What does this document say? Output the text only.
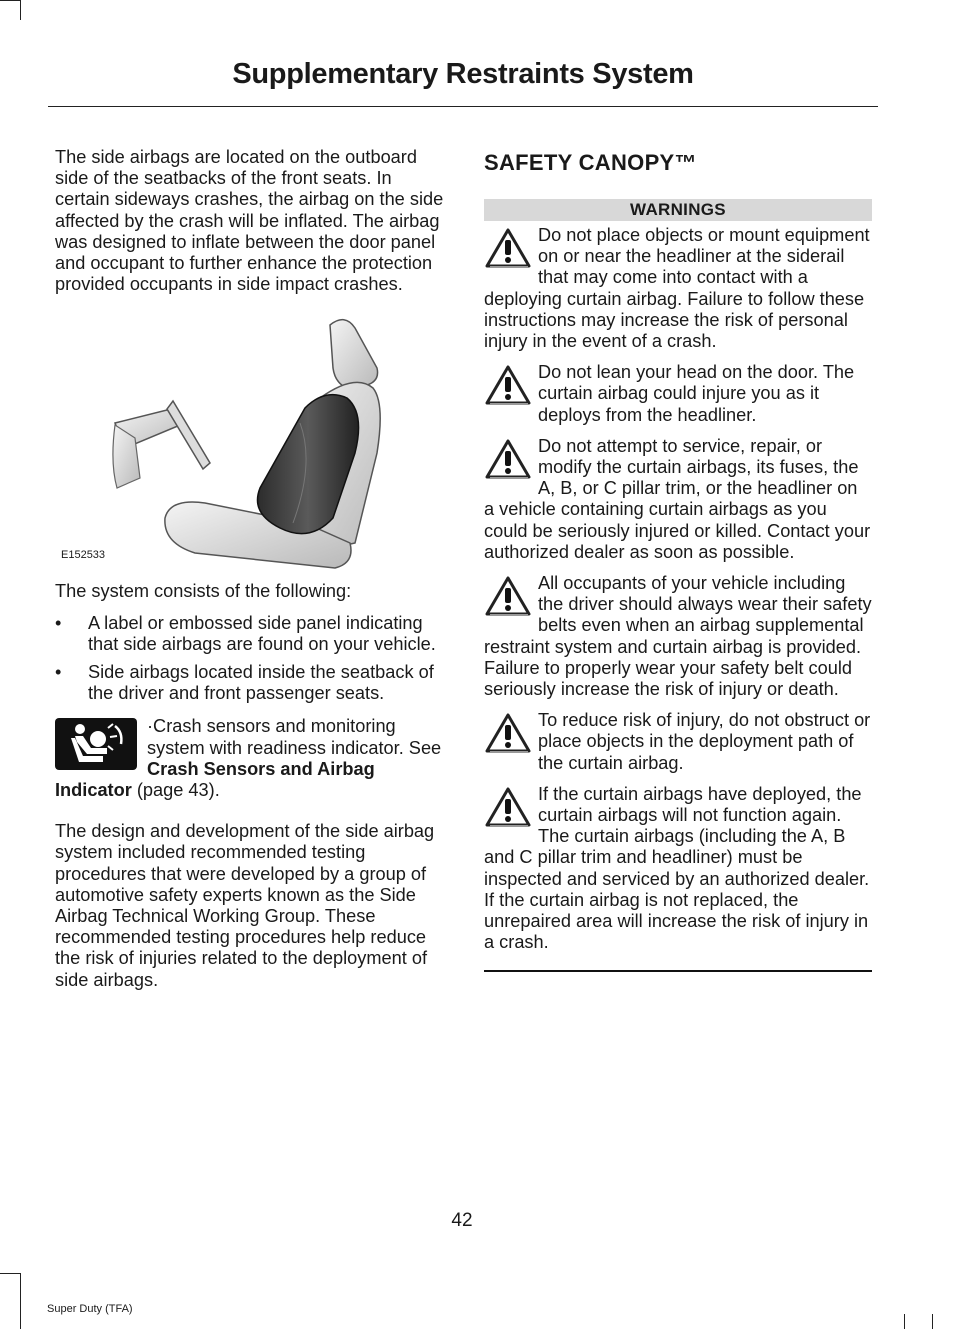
Supplementary Restraints System

The side airbags are located on the outboard side of the seatbacks of the front seats. In certain sideways crashes, the airbag on the side affected by the crash will be inflated. The airbag was designed to inflate between the door panel and occupant to further enhance the protection provided occupants in side impact crashes.

E152533

The system consists of the following:

• A label or embossed side panel indicating that side airbags are found on your vehicle.
• Side airbags located inside the seatback of the driver and front passenger seats.
·Crash sensors and monitoring system with readiness indicator. See Crash Sensors and Airbag Indicator (page 43).

The design and development of the side airbag system included recommended testing procedures that were developed by a group of automotive safety experts known as the Side Airbag Technical Working Group. These recommended testing procedures help reduce the risk of injuries related to the deployment of side airbags.

SAFETY CANOPY™
WARNINGS
Do not place objects or mount equipment on or near the headliner at the siderail that may come into contact with a deploying curtain airbag. Failure to follow these instructions may increase the risk of personal injury in the event of a crash.
Do not lean your head on the door. The curtain airbag could injure you as it deploys from the headliner.
Do not attempt to service, repair, or modify the curtain airbags, its fuses, the A, B, or C pillar trim, or the headliner on a vehicle containing curtain airbags as you could be seriously injured or killed. Contact your authorized dealer as soon as possible.
All occupants of your vehicle including the driver should always wear their safety belts even when an airbag supplemental restraint system and curtain airbag is provided. Failure to properly wear your safety belt could seriously increase the risk of injury or death.
To reduce risk of injury, do not obstruct or place objects in the deployment path of the curtain airbag.
If the curtain airbags have deployed, the curtain airbags will not function again. The curtain airbags (including the A, B and C pillar trim and headliner) must be inspected and serviced by an authorized dealer. If the curtain airbag is not replaced, the unrepaired area will increase the risk of injury in a crash.
42
Super Duty (TFA)
